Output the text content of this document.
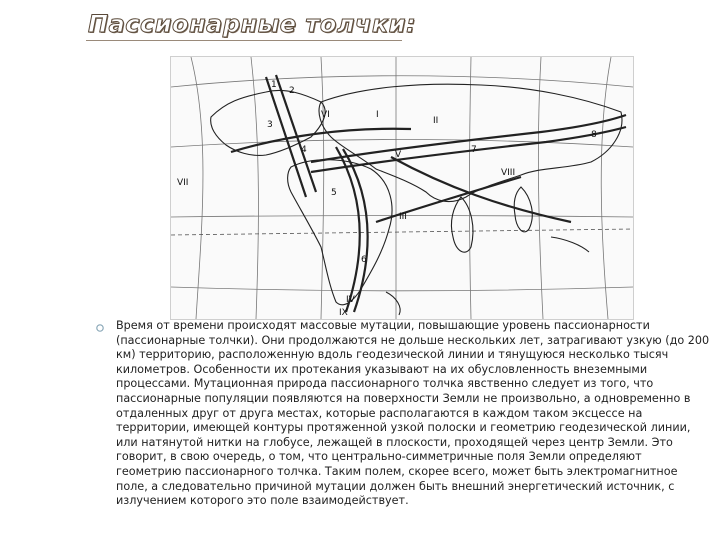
Пассионарные толчки:
1
2
3
4
5
6
7
8
I
II
III
IV
V
VI
VII
VIII
IX

Время от времени происходят массовые мутации, повышающие уровень пассионарности (пассионарные толчки). Они продолжаются не дольше нескольких лет, затрагивают узкую (до 200 км) территорию, расположенную вдоль геодезической линии и тянущуюся несколько тысяч километров. Особенности их протекания указывают на их обусловленность внеземными процессами. Мутационная природа пассионарного толчка явственно следует из того, что пассионарные популяции появляются на поверхности Земли не произвольно, а одновременно в отдаленных друг от друга местах, которые располагаются в каждом таком эксцессе на территории, имеющей контуры протяженной узкой полоски и геометрию геодезической линии, или натянутой нитки на глобусе, лежащей в плоскости, проходящей через центр Земли. Это говорит, в свою очередь, о том, что центрально-симметричные поля Земли определяют геометрию пассионарного толчка. Таким полем, скорее всего, может быть электромагнитное поле, а следовательно причиной мутации должен быть внешний энергетический источник, с излучением которого это поле взаимодействует.
